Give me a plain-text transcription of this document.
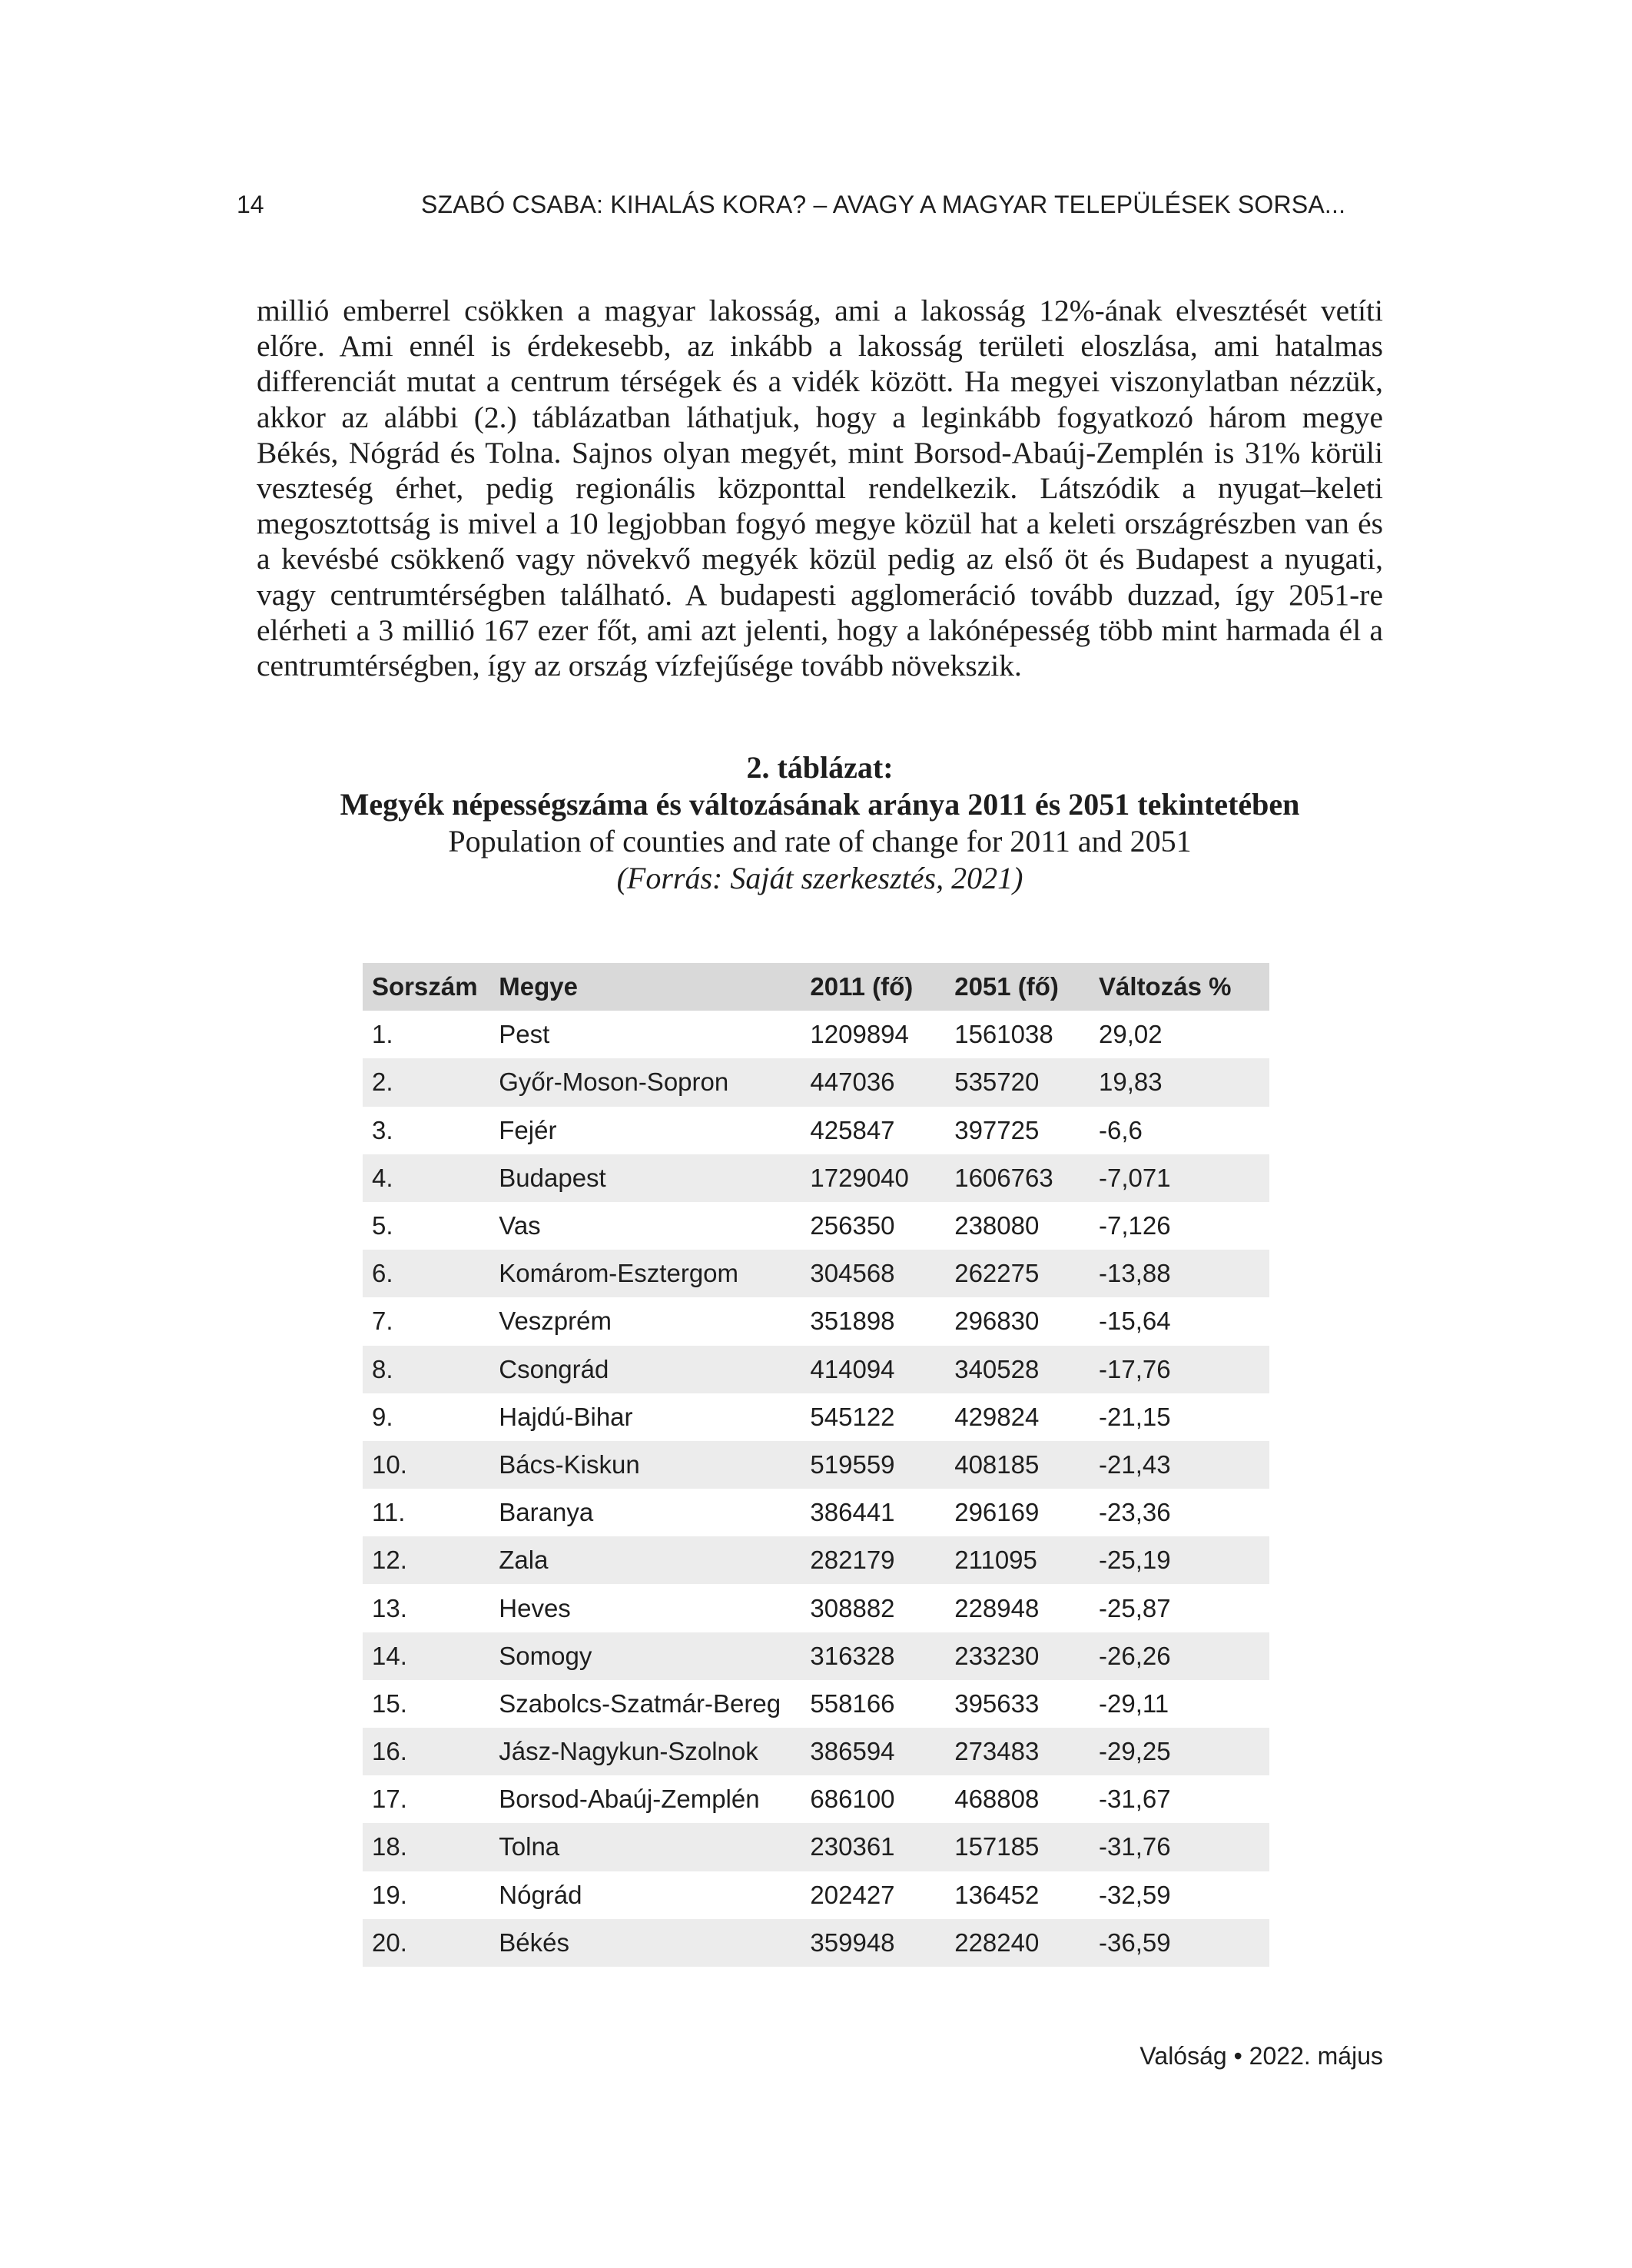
14	SZABÓ CSABA: KIHALÁS KORA? – AVAGY A MAGYAR TELEPÜLÉSEK SORSA...

millió emberrel csökken a magyar lakosság, ami a lakosság 12%-ának elvesztését vetíti előre. Ami ennél is érdekesebb, az inkább a lakosság területi eloszlása, ami hatalmas differenciát mutat a centrum térségek és a vidék között. Ha megyei viszonylatban nézzük, akkor az alábbi (2.) táblázatban láthatjuk, hogy a leginkább fogyatkozó három megye Békés, Nógrád és Tolna. Sajnos olyan megyét, mint Borsod-Abaúj-Zemplén is 31% körüli veszteség érhet, pedig regionális központtal rendelkezik. Látszódik a nyugat–keleti megosztottság is mivel a 10 legjobban fogyó megye közül hat a keleti országrészben van és a kevésbé csökkenő vagy növekvő megyék közül pedig az első öt és Budapest a nyugati, vagy centrumtérségben található. A budapesti agglomeráció tovább duzzad, így 2051-re elérheti a 3 millió 167 ezer főt, ami azt jelenti, hogy a lakónépesség több mint harmada él a centrumtérségben, így az ország vízfejűsége tovább növekszik.

2. táblázat:
Megyék népességszáma és változásának aránya 2011 és 2051 tekintetében
Population of counties and rate of change for 2011 and 2051
(Forrás: Saját szerkesztés, 2021)
Sorszám	Megye	2011 (fő)	2051 (fő)	Változás %
1.	Pest	1209894	1561038	29,02
2.	Győr-Moson-Sopron	447036	535720	19,83
3.	Fejér	425847	397725	-6,6
4.	Budapest	1729040	1606763	-7,071
5.	Vas	256350	238080	-7,126
6.	Komárom-Esztergom	304568	262275	-13,88
7.	Veszprém	351898	296830	-15,64
8.	Csongrád	414094	340528	-17,76
9.	Hajdú-Bihar	545122	429824	-21,15
10.	Bács-Kiskun	519559	408185	-21,43
11.	Baranya	386441	296169	-23,36
12.	Zala	282179	211095	-25,19
13.	Heves	308882	228948	-25,87
14.	Somogy	316328	233230	-26,26
15.	Szabolcs-Szatmár-Bereg	558166	395633	-29,11
16.	Jász-Nagykun-Szolnok	386594	273483	-29,25
17.	Borsod-Abaúj-Zemplén	686100	468808	-31,67
18.	Tolna	230361	157185	-31,76
19.	Nógrád	202427	136452	-32,59
20.	Békés	359948	228240	-36,59
Valóság • 2022. május
